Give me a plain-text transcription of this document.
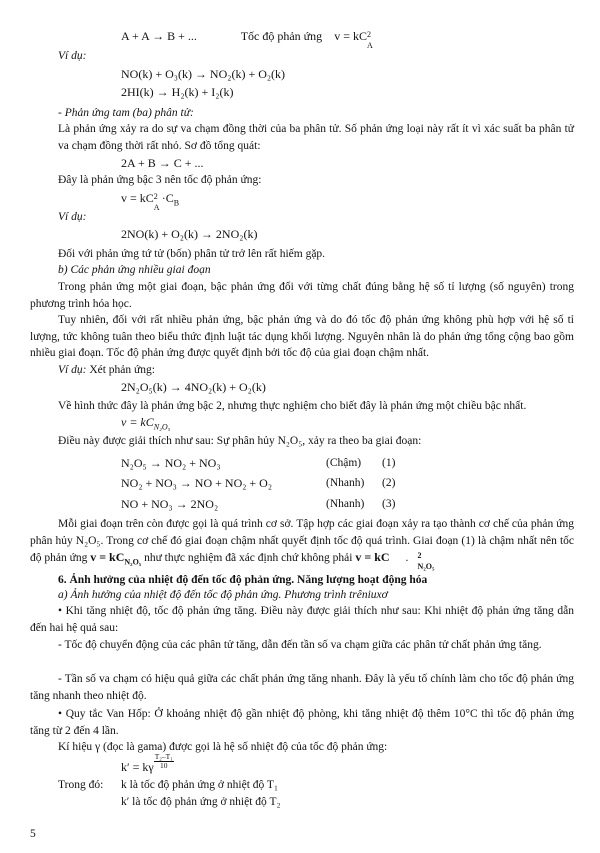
A + A → B + ...	Tốc độ phản ứng v = kC 2
A
Ví dụ:
NO(k) + O₃(k) → NO₂(k) + O₂(k)
2HI(k) → H₂(k) + I₂(k)
- Phản ứng tam (ba) phân tử:
Là phản ứng xảy ra do sự va chạm đồng thời của ba phân tử. Số phản ứng loại này rất ít vì xác suất ba phân tử va chạm đồng thời rất nhỏ. Sơ đồ tổng quát:
2A + B → C + ...
Đây là phản ứng bậc 3 nên tốc độ phản ứng:
v = kC 2
A
$\cdot C_B$
Ví dụ:
2NO(k) + O₂(k) → 2NO₂(k)
Đối với phản ứng tứ tử (bốn) phân tử trở lên rất hiếm gặp.
b) Các phản ứng nhiều giai đoạn
Trong phản ứng một giai đoạn, bậc phản ứng đối với từng chất đúng bằng hệ số tỉ lượng (số nguyên) trong phương trình hóa học.
Tuy nhiên, đối với rất nhiều phản ứng, bậc phản ứng và do đó tốc độ phản ứng không phù hợp với hệ số tỉ lượng, tức không tuân theo biểu thức định luật tác dụng khối lượng. Nguyên nhân là do phản ứng tổng cộng bao gồm nhiều giai đoạn. Tốc độ phản ứng được quyết định bởi tốc độ của giai đoạn chậm nhất.
Ví dụ: Xét phản ứng:
2N₂O₅(k) → 4NO₂(k) + O₂(k)
Về hình thức đây là phản ứng bậc 2, nhưng thực nghiệm cho biết đây là phản ứng một chiều bậc nhất.
$v = kC_{N_2O_5}$
Điều này được giải thích như sau: Sự phân hủy N₂O₅, xảy ra theo ba giai đoạn:
N₂O₅ → NO₂ + NO₃	(Chậm) (1)
NO₂ + NO₃ → NO + NO₂ + O₂	(Nhanh) (2)
NO + NO₃ → 2NO₂	(Nhanh) (3)
Mỗi giai đoạn trên còn được gọi là quá trình cơ sở. Tập hợp các giai đoạn xảy ra tạo thành cơ chế của phản ứng phân hủy N₂O₅. Trong cơ chế đó giai đoạn chậm nhất quyết định tốc độ quá trình. Giai đoạn (1) là chậm nhất nên tốc độ phản ứng $v = kC_{N_2O_5}$ như thực nghiệm đã xác định chứ không phải v = kC	2
N₂O₅
.
6. Ảnh hưởng của nhiệt độ đến tốc độ phản ứng. Năng lượng hoạt động hóa
a) Ảnh hưởng của nhiệt độ đến tốc độ phản ứng. Phương trình trêniuxơ
• Khi tăng nhiệt độ, tốc độ phản ứng tăng. Điều này được giải thích như sau: Khi nhiệt độ phản ứng tăng dẫn đến hai hệ quả sau:
- Tốc độ chuyển động của các phân tử tăng, dẫn đến tần số va chạm giữa các phân tử chất phản ứng tăng.
- Tần số va chạm có hiệu quả giữa các chất phản ứng tăng nhanh. Đây là yếu tố chính làm cho tốc độ phản ứng tăng nhanh theo nhiệt độ.
• Quy tắc Van Hốp: Ở khoảng nhiệt độ gần nhiệt độ phòng, khi tăng nhiệt độ thêm 10°C thì tốc độ phản ứng tăng từ 2 đến 4 lần.
Kí hiệu γ (đọc là gama) được gọi là hệ số nhiệt độ của tốc độ phản ứng:
k′ = kγ $\frac{\text{T₂–T₁}}{10}$
Trong đó: k là tốc độ phản ứng ở nhiệt độ T₁
k′ là tốc độ phản ứng ở nhiệt độ T₂
5
